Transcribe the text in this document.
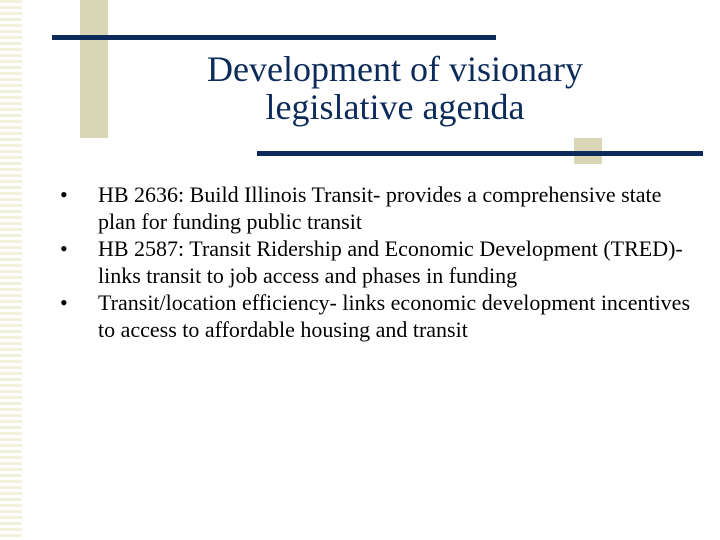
Development of visionary
legislative agenda
• HB 2636: Build Illinois Transit- provides a comprehensive state plan for funding public transit
• HB 2587: Transit Ridership and Economic Development (TRED)- links transit to job access and phases in funding
• Transit/location efficiency- links economic development incentives to access to affordable housing and transit
